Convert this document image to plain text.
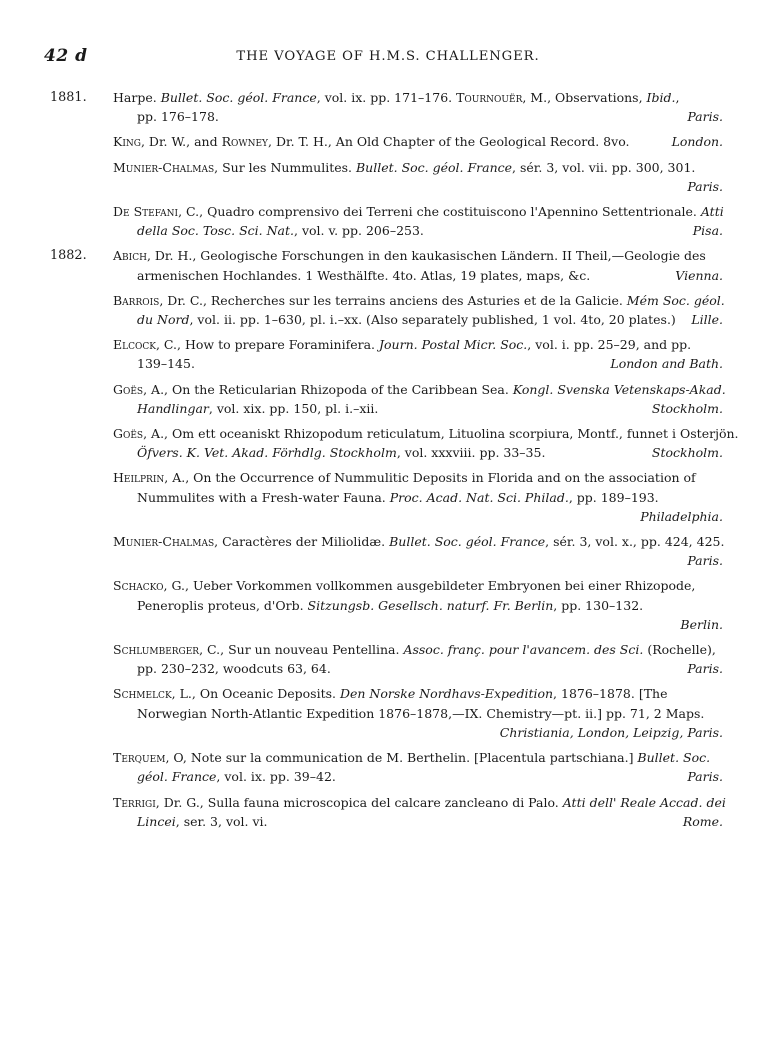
42 d	THE VOYAGE OF H.M.S. CHALLENGER.
1881. Harpe. Bullet. Soc. géol. France, vol. ix. pp. 171–176. Tournouër, M., Observations, Ibid.,
pp. 176–178.	Paris.
King, Dr. W., and Rowney, Dr. T. H., An Old Chapter of the Geological Record. 8vo.	London.
Munier-Chalmas, Sur les Nummulites. Bullet. Soc. géol. France, sér. 3, vol. vii. pp. 300, 301.
Paris.
De Stefani, C., Quadro comprensivo dei Terreni che costituiscono l'Apennino Settentrionale. Atti
della Soc. Tosc. Sci. Nat., vol. v. pp. 206–253.	Pisa.
1882. Abich, Dr. H., Geologische Forschungen in den kaukasischen Ländern. II Theil,—Geologie des
armenischen Hochlandes. 1 Westhälfte. 4to. Atlas, 19 plates, maps, &c.	Vienna.
Barrois, Dr. C., Recherches sur les terrains anciens des Asturies et de la Galicie. Mém Soc. géol.
du Nord, vol. ii. pp. 1–630, pl. i.–xx. (Also separately published, 1 vol. 4to, 20 plates.) Lille.
Elcock, C., How to prepare Foraminifera. Journ. Postal Micr. Soc., vol. i. pp. 25–29, and pp.
139–145.	London and Bath.
Goës, A., On the Reticularian Rhizopoda of the Caribbean Sea. Kongl. Svenska Vetenskaps-Akad.
Handlingar, vol. xix. pp. 150, pl. i.–xii.	Stockholm.
Goës, A., Om ett oceaniskt Rhizopodum reticulatum, Lituolina scorpiura, Montf., funnet i Osterjön.
Öfvers. K. Vet. Akad. Förhdlg. Stockholm, vol. xxxviii. pp. 33–35.	Stockholm.
Heilprin, A., On the Occurrence of Nummulitic Deposits in Florida and on the association of
Nummulites with a Fresh-water Fauna. Proc. Acad. Nat. Sci. Philad., pp. 189–193.
Philadelphia.
Munier-Chalmas, Caractères der Miliolidæ. Bullet. Soc. géol. France, sér. 3, vol. x., pp. 424, 425.
Paris.
Schacko, G., Ueber Vorkommen vollkommen ausgebildeter Embryonen bei einer Rhizopode,
Peneroplis proteus, d'Orb. Sitzungsb. Gesellsch. naturf. Fr. Berlin, pp. 130–132.
Berlin.
Schlumberger, C., Sur un nouveau Pentellina. Assoc. franç. pour l'avancem. des Sci. (Rochelle),
pp. 230–232, woodcuts 63, 64.	Paris.
Schmelck, L., On Oceanic Deposits. Den Norske Nordhavs-Expedition, 1876–1878. [The
Norwegian North-Atlantic Expedition 1876–1878,—IX. Chemistry—pt. ii.] pp. 71, 2 Maps.
Christiania, London, Leipzig, Paris.
Terquem, O, Note sur la communication de M. Berthelin. [Placentula partschiana.] Bullet. Soc.
géol. France, vol. ix. pp. 39–42.	Paris.
Terrigi, Dr. G., Sulla fauna microscopica del calcare zancleano di Palo. Atti dell' Reale Accad. dei
Lincei, ser. 3, vol. vi.	Rome.
